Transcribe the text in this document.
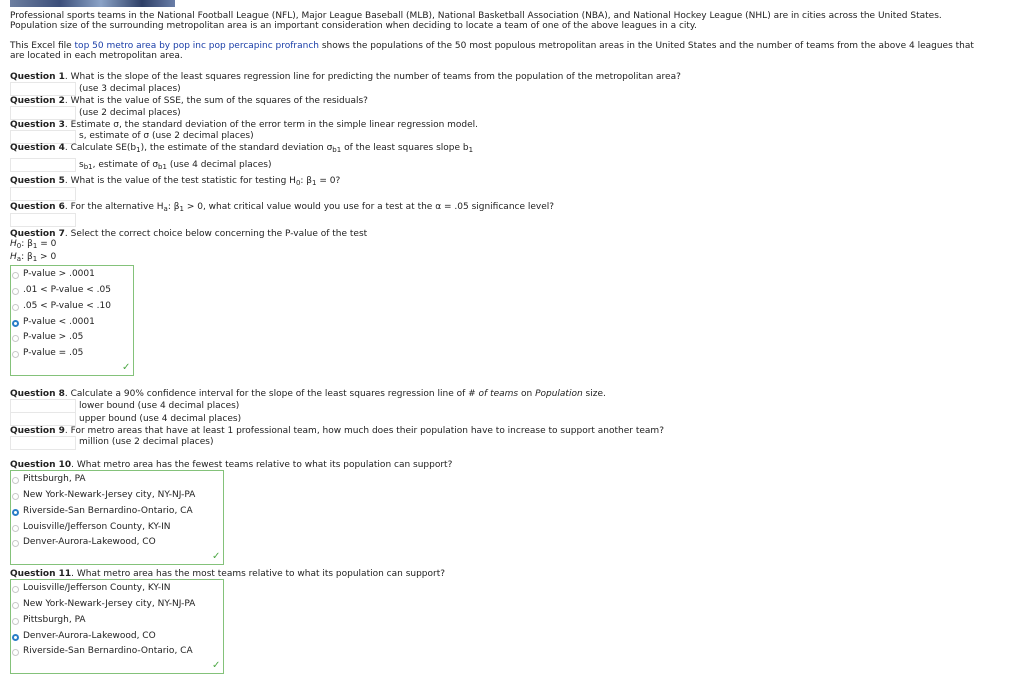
Professional sports teams in the National Football League (NFL), Major League Baseball (MLB), National Basketball Association (NBA), and National Hockey League (NHL) are in cities across the United States.
Population size of the surrounding metropolitan area is an important consideration when deciding to locate a team of one of the above leagues in a city.
This Excel file top 50 metro area by pop inc pop percapinc profranch shows the populations of the 50 most populous metropolitan areas in the United States and the number of teams from the above 4 leagues that
are located in each metropolitan area.
Question 1. What is the slope of the least squares regression line for predicting the number of teams from the population of the metropolitan area?
(use 3 decimal places)
Question 2. What is the value of SSE, the sum of the squares of the residuals?
(use 2 decimal places)
Question 3. Estimate σ, the standard deviation of the error term in the simple linear regression model.
s, estimate of σ (use 2 decimal places)
Question 4. Calculate $SE(b_1)$, the estimate of the standard deviation $\sigma_{b1}$ of the least squares slope $b_1$
$s_{b1}$, estimate of $\sigma_{b1}$ (use 4 decimal places)
Question 5. What is the value of the test statistic for testing $H_0$: $\beta_1 = 0$?
Question 6. For the alternative $H_a$: $\beta_1 > 0$, what critical value would you use for a test at the α = .05 significance level?
Question 7. Select the correct choice below concerning the P-value of the test
$H_0$: $\beta_1 = 0$
$H_a$: $\beta_1 > 0$
P-value > .0001
.01 < P-value < .05
.05 < P-value < .10
P-value < .0001
P-value > .05
P-value = .05
✓
Question 8. Calculate a 90% confidence interval for the slope of the least squares regression line of # of teams on Population size.
lower bound (use 4 decimal places)
upper bound (use 4 decimal places)
Question 9. For metro areas that have at least 1 professional team, how much does their population have to increase to support another team?
million (use 2 decimal places)
Question 10. What metro area has the fewest teams relative to what its population can support?
Pittsburgh, PA
New York-Newark-Jersey city, NY-NJ-PA
Riverside-San Bernardino-Ontario, CA
Louisville/Jefferson County, KY-IN
Denver-Aurora-Lakewood, CO
✓
Question 11. What metro area has the most teams relative to what its population can support?
Louisville/Jefferson County, KY-IN
New York-Newark-Jersey city, NY-NJ-PA
Pittsburgh, PA
Denver-Aurora-Lakewood, CO
Riverside-San Bernardino-Ontario, CA
✓
